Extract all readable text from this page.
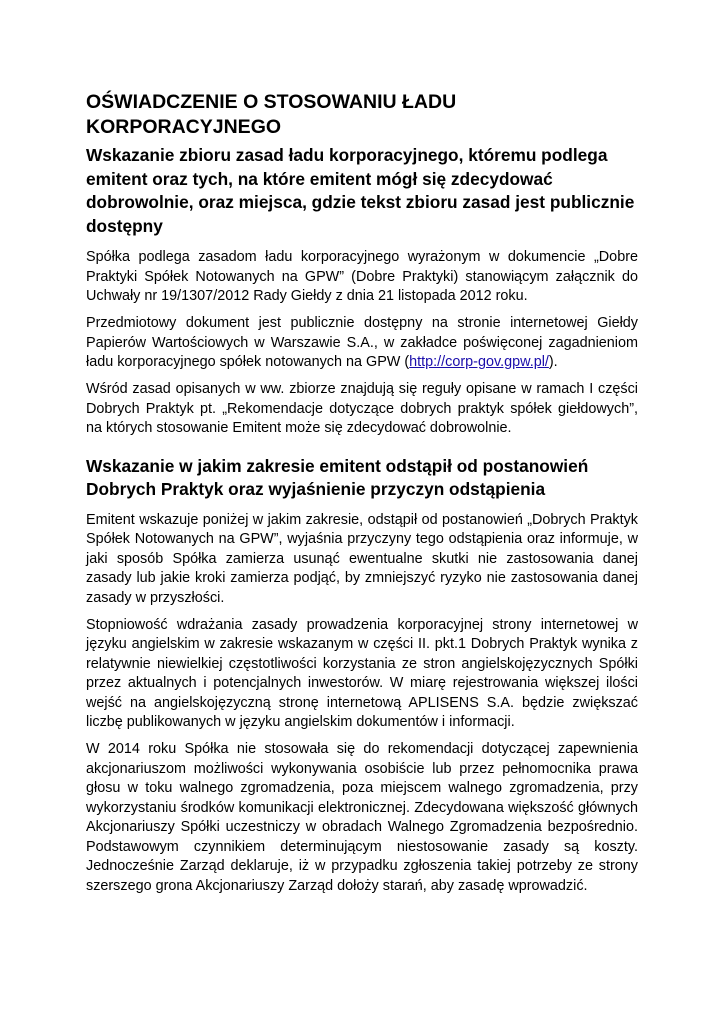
OŚWIADCZENIE O STOSOWANIU ŁADU KORPORACYJNEGO
Wskazanie zbioru zasad ładu korporacyjnego, któremu podlega emitent oraz tych, na które emitent mógł się zdecydować dobrowolnie, oraz miejsca, gdzie tekst zbioru zasad jest publicznie dostępny

Spółka podlega zasadom ładu korporacyjnego wyrażonym w dokumencie „Dobre Praktyki Spółek Notowanych na GPW” (Dobre Praktyki) stanowiącym załącznik do Uchwały nr 19/1307/2012 Rady Giełdy z dnia 21 listopada 2012 roku.

Przedmiotowy dokument jest publicznie dostępny na stronie internetowej Giełdy Papierów Wartościowych w Warszawie S.A., w zakładce poświęconej zagadnieniom ładu korporacyjnego spółek notowanych na GPW (http://corp-gov.gpw.pl/).

Wśród zasad opisanych w ww. zbiorze znajdują się reguły opisane w ramach I części Dobrych Praktyk pt. „Rekomendacje dotyczące dobrych praktyk spółek giełdowych”, na których stosowanie Emitent może się zdecydować dobrowolnie.

Wskazanie w jakim zakresie emitent odstąpił od postanowień Dobrych Praktyk oraz wyjaśnienie przyczyn odstąpienia

Emitent wskazuje poniżej w jakim zakresie, odstąpił od postanowień „Dobrych Praktyk Spółek Notowanych na GPW”, wyjaśnia przyczyny tego odstąpienia oraz informuje, w jaki sposób Spółka zamierza usunąć ewentualne skutki nie zastosowania danej zasady lub jakie kroki zamierza podjąć, by zmniejszyć ryzyko nie zastosowania danej zasady w przyszłości.

Stopniowość wdrażania zasady prowadzenia korporacyjnej strony internetowej w języku angielskim w zakresie wskazanym w części II. pkt.1 Dobrych Praktyk wynika z relatywnie niewielkiej częstotliwości korzystania ze stron angielskojęzycznych Spółki przez aktualnych i potencjalnych inwestorów. W miarę rejestrowania większej ilości wejść na angielskojęzyczną stronę internetową APLISENS S.A. będzie zwiększać liczbę publikowanych w języku angielskim dokumentów i informacji.

W 2014 roku Spółka nie stosowała się do rekomendacji dotyczącej zapewnienia akcjonariuszom możliwości wykonywania osobiście lub przez pełnomocnika prawa głosu w toku walnego zgromadzenia, poza miejscem walnego zgromadzenia, przy wykorzystaniu środków komunikacji elektronicznej. Zdecydowana większość głównych Akcjonariuszy Spółki uczestniczy w obradach Walnego Zgromadzenia bezpośrednio. Podstawowym czynnikiem determinującym niestosowanie zasady są koszty. Jednocześnie Zarząd deklaruje, iż w przypadku zgłoszenia takiej potrzeby ze strony szerszego grona Akcjonariuszy Zarząd dołoży starań, aby zasadę wprowadzić.
